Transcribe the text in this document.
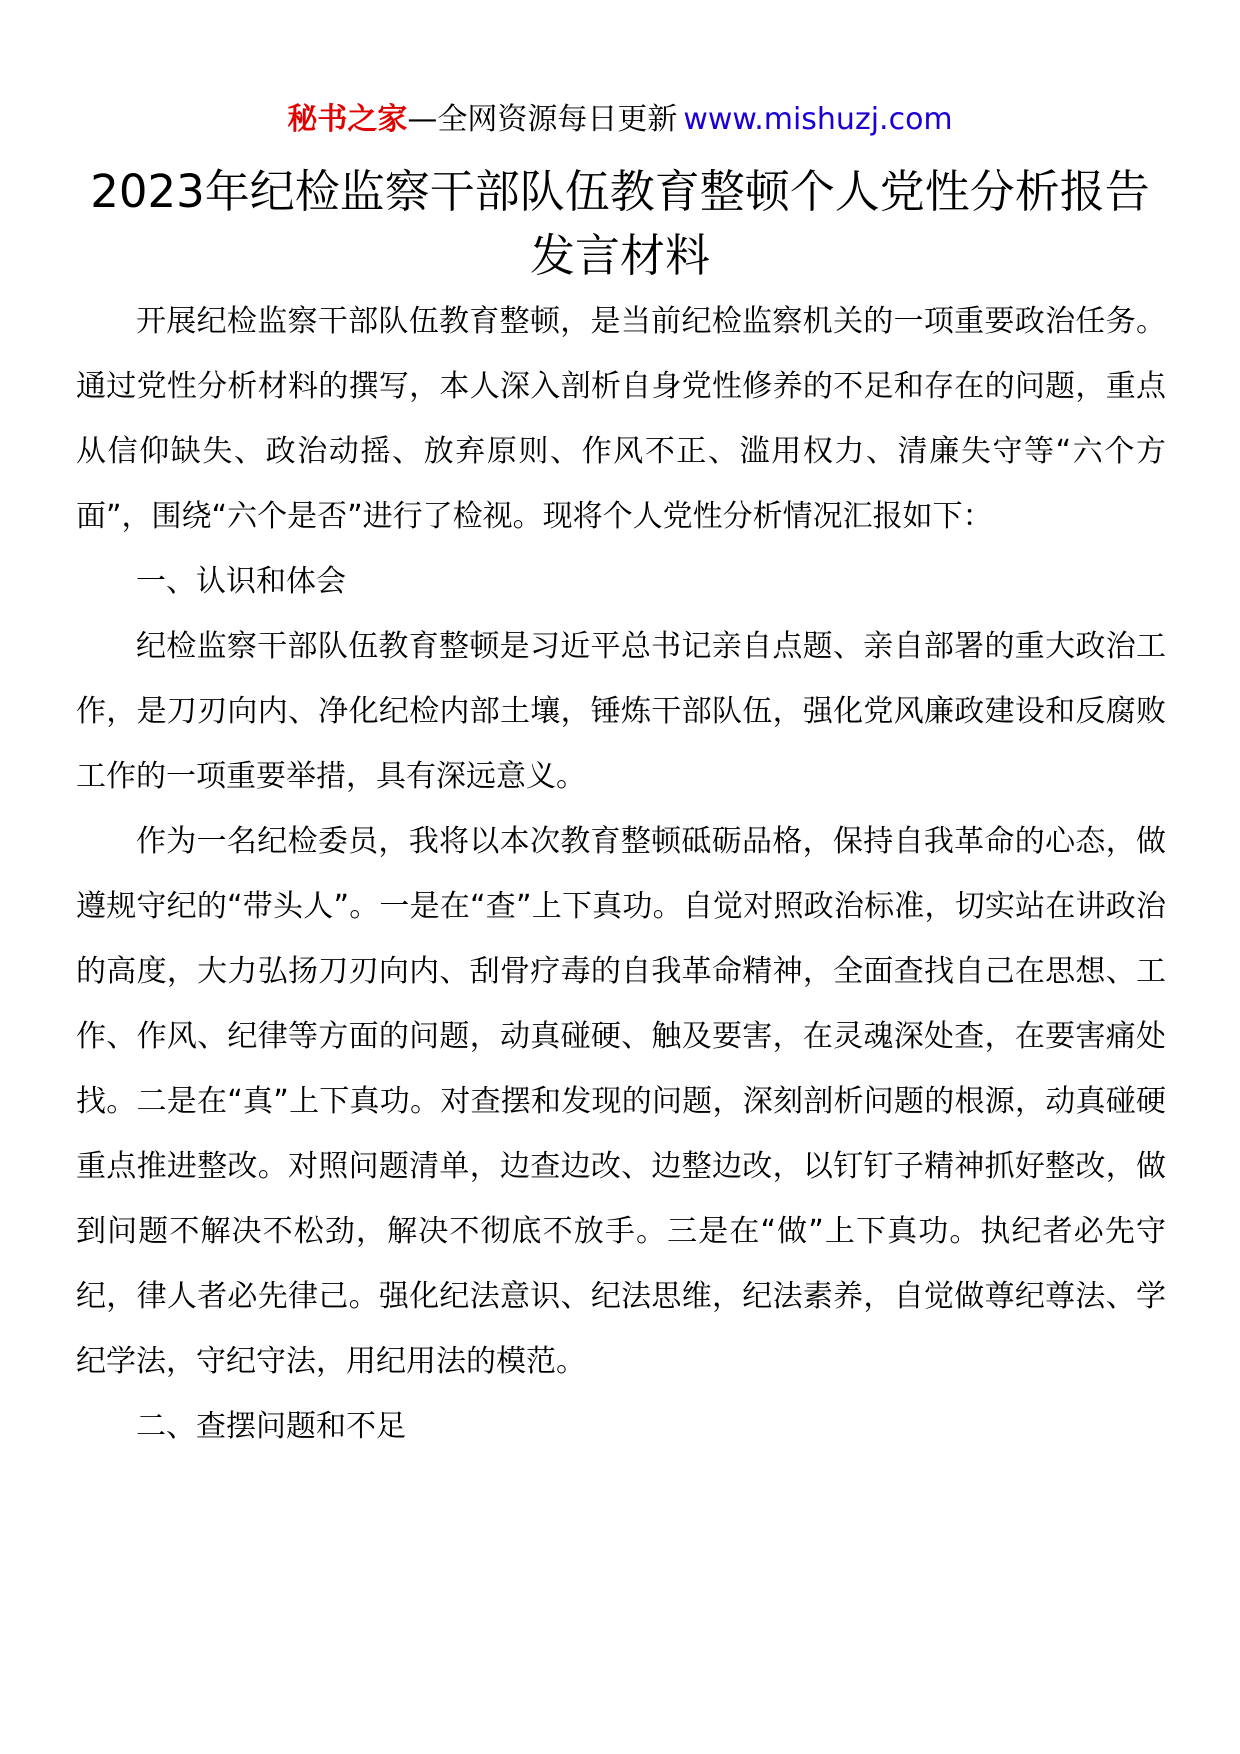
秘书之家—全网资源每日更新 www.mishuzj.com
2023年纪检监察干部队伍教育整顿个人党性分析报告
发言材料

开展纪检监察干部队伍教育整顿，是当前纪检监察机关的一项重要政治任务。通过党性分析材料的撰写，本人深入剖析自身党性修养的不足和存在的问题，重点从信仰缺失、政治动摇、放弃原则、作风不正、滥用权力、清廉失守等“六个方面”，围绕“六个是否”进行了检视。现将个人党性分析情况汇报如下：

一、认识和体会

纪检监察干部队伍教育整顿是习近平总书记亲自点题、亲自部署的重大政治工作，是刀刃向内、净化纪检内部土壤，锤炼干部队伍，强化党风廉政建设和反腐败工作的一项重要举措，具有深远意义。

作为一名纪检委员，我将以本次教育整顿砥砺品格，保持自我革命的心态，做遵规守纪的“带头人”。一是在“查”上下真功。自觉对照政治标准，切实站在讲政治的高度，大力弘扬刀刃向内、刮骨疗毒的自我革命精神，全面查找自己在思想、工作、作风、纪律等方面的问题，动真碰硬、触及要害，在灵魂深处查，在要害痛处找。二是在“真”上下真功。对查摆和发现的问题，深刻剖析问题的根源，动真碰硬重点推进整改。对照问题清单，边查边改、边整边改，以钉钉子精神抓好整改，做到问题不解决不松劲，解决不彻底不放手。三是在“做”上下真功。执纪者必先守纪，律人者必先律己。强化纪法意识、纪法思维，纪法素养，自觉做尊纪尊法、学纪学法，守纪守法，用纪用法的模范。

二、查摆问题和不足
